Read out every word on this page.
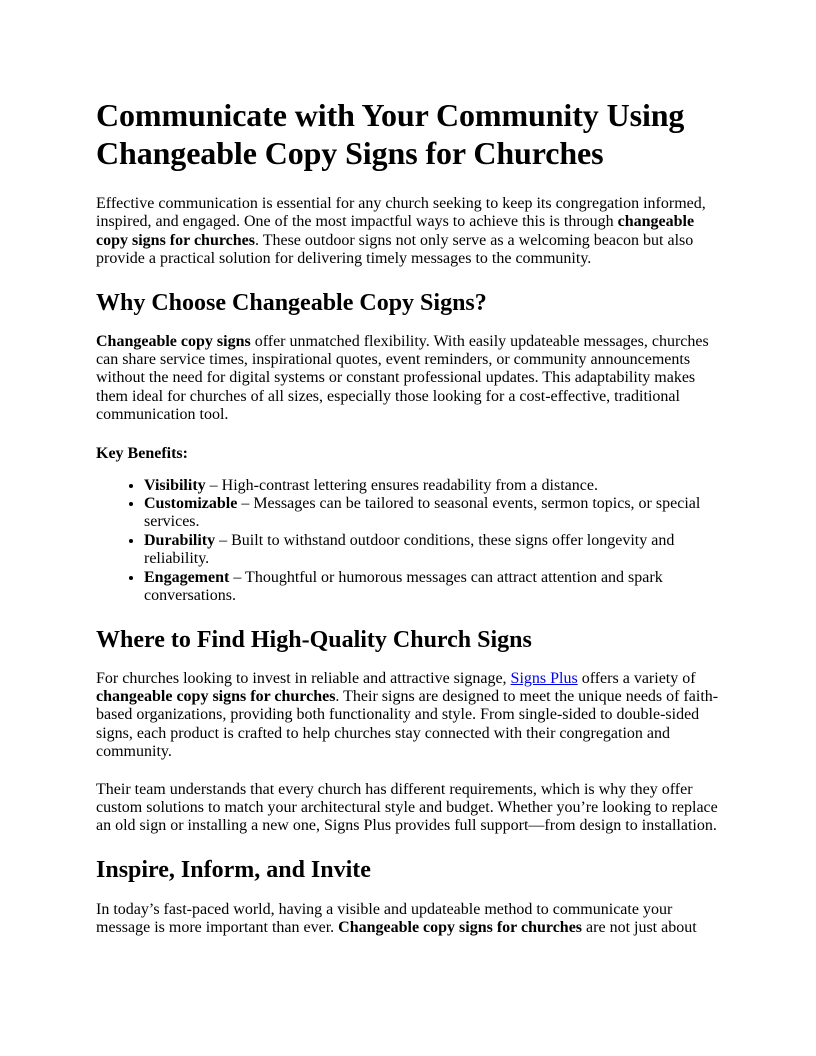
Communicate with Your Community Using Changeable Copy Signs for Churches

Effective communication is essential for any church seeking to keep its congregation informed, inspired, and engaged. One of the most impactful ways to achieve this is through changeable copy signs for churches. These outdoor signs not only serve as a welcoming beacon but also provide a practical solution for delivering timely messages to the community.

Why Choose Changeable Copy Signs?

Changeable copy signs offer unmatched flexibility. With easily updateable messages, churches can share service times, inspirational quotes, event reminders, or community announcements without the need for digital systems or constant professional updates. This adaptability makes them ideal for churches of all sizes, especially those looking for a cost-effective, traditional communication tool.

Key Benefits:
• Visibility – High-contrast lettering ensures readability from a distance.
• Customizable – Messages can be tailored to seasonal events, sermon topics, or special services.
• Durability – Built to withstand outdoor conditions, these signs offer longevity and reliability.
• Engagement – Thoughtful or humorous messages can attract attention and spark conversations.
Where to Find High-Quality Church Signs

For churches looking to invest in reliable and attractive signage, Signs Plus offers a variety of changeable copy signs for churches. Their signs are designed to meet the unique needs of faith-based organizations, providing both functionality and style. From single-sided to double-sided signs, each product is crafted to help churches stay connected with their congregation and community.

Their team understands that every church has different requirements, which is why they offer custom solutions to match your architectural style and budget. Whether you’re looking to replace an old sign or installing a new one, Signs Plus provides full support—from design to installation.

Inspire, Inform, and Invite

In today’s fast-paced world, having a visible and updateable method to communicate your message is more important than ever. Changeable copy signs for churches are not just about
